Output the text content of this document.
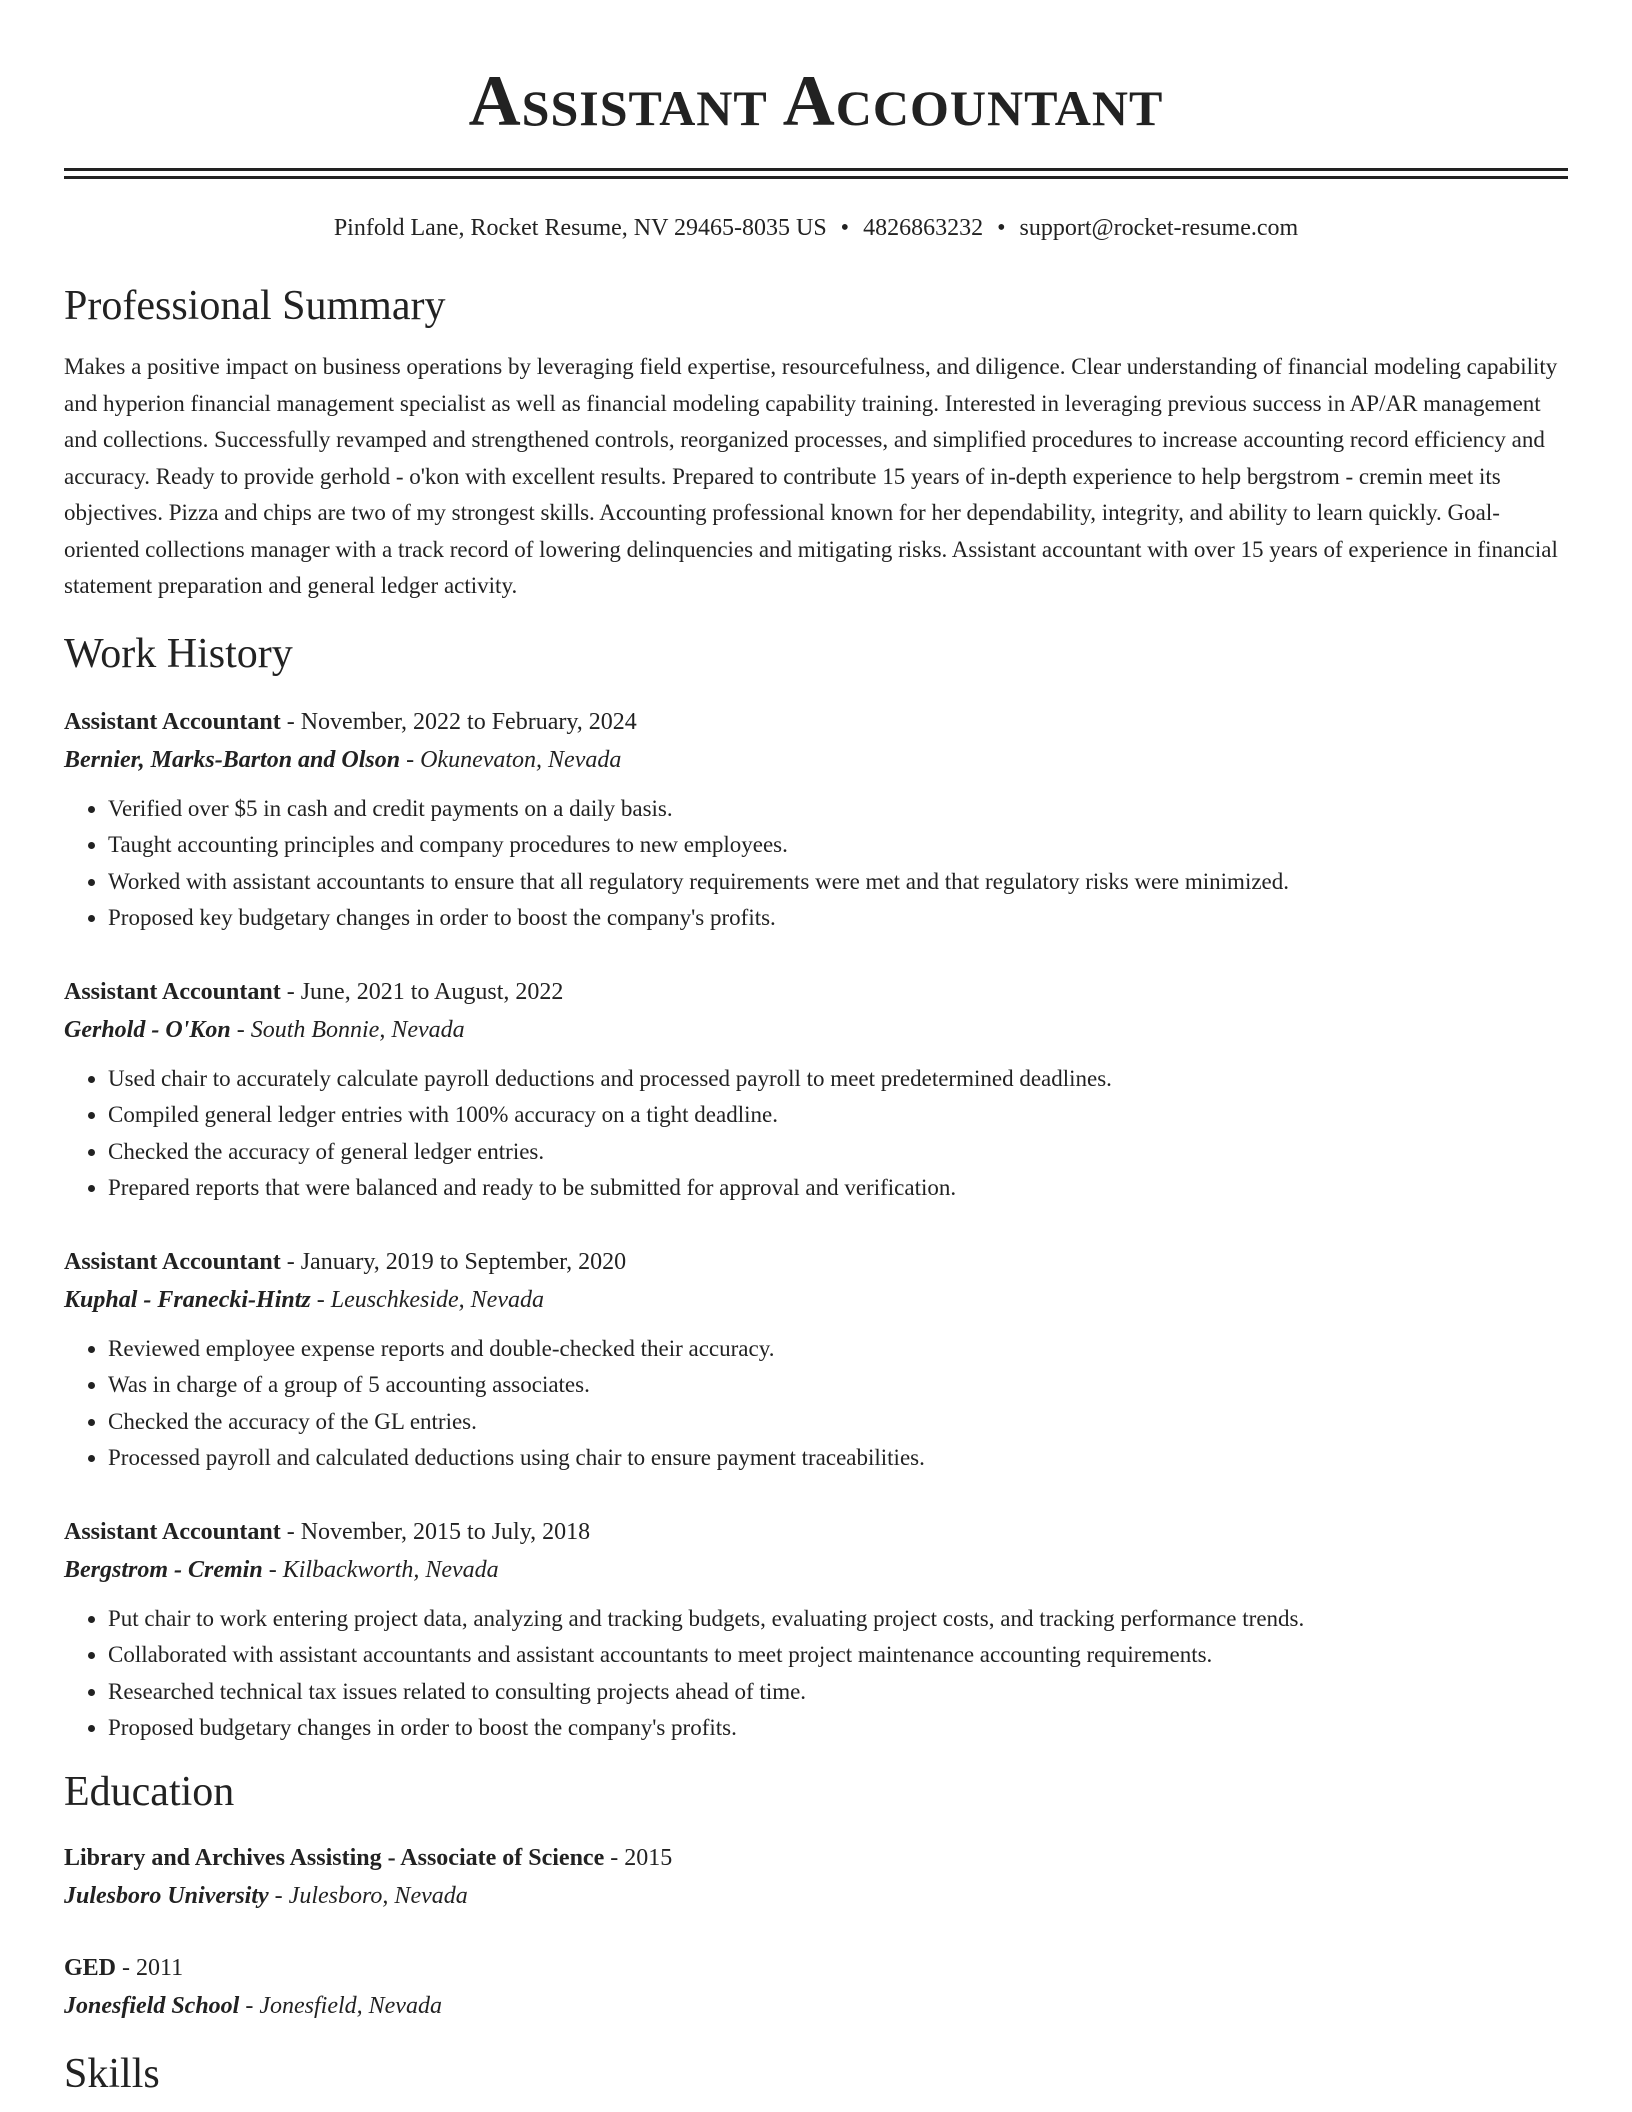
Assistant Accountant
Pinfold Lane, Rocket Resume, NV 29465-8035 US • 4826863232 • support@rocket-resume.com
Professional Summary

Makes a positive impact on business operations by leveraging field expertise, resourcefulness, and diligence. Clear understanding of financial modeling capability and hyperion financial management specialist as well as financial modeling capability training. Interested in leveraging previous success in AP/AR management and collections. Successfully revamped and strengthened controls, reorganized processes, and simplified procedures to increase accounting record efficiency and accuracy. Ready to provide gerhold - o'kon with excellent results. Prepared to contribute 15 years of in-depth experience to help bergstrom - cremin meet its objectives. Pizza and chips are two of my strongest skills. Accounting professional known for her dependability, integrity, and ability to learn quickly. Goal-oriented collections manager with a track record of lowering delinquencies and mitigating risks. Assistant accountant with over 15 years of experience in financial statement preparation and general ledger activity.

Work History
Assistant Accountant - November, 2022 to February, 2024
Bernier, Marks-Barton and Olson - Okunevaton, Nevada
• Verified over $5 in cash and credit payments on a daily basis.
• Taught accounting principles and company procedures to new employees.
• Worked with assistant accountants to ensure that all regulatory requirements were met and that regulatory risks were minimized.
• Proposed key budgetary changes in order to boost the company's profits.
Assistant Accountant - June, 2021 to August, 2022
Gerhold - O'Kon - South Bonnie, Nevada
• Used chair to accurately calculate payroll deductions and processed payroll to meet predetermined deadlines.
• Compiled general ledger entries with 100% accuracy on a tight deadline.
• Checked the accuracy of general ledger entries.
• Prepared reports that were balanced and ready to be submitted for approval and verification.
Assistant Accountant - January, 2019 to September, 2020
Kuphal - Franecki-Hintz - Leuschkeside, Nevada
• Reviewed employee expense reports and double-checked their accuracy.
• Was in charge of a group of 5 accounting associates.
• Checked the accuracy of the GL entries.
• Processed payroll and calculated deductions using chair to ensure payment traceabilities.
Assistant Accountant - November, 2015 to July, 2018
Bergstrom - Cremin - Kilbackworth, Nevada
• Put chair to work entering project data, analyzing and tracking budgets, evaluating project costs, and tracking performance trends.
• Collaborated with assistant accountants and assistant accountants to meet project maintenance accounting requirements.
• Researched technical tax issues related to consulting projects ahead of time.
• Proposed budgetary changes in order to boost the company's profits.
Education
Library and Archives Assisting - Associate of Science - 2015
Julesboro University - Julesboro, Nevada
GED - 2011
Jonesfield School - Jonesfield, Nevada
Skills
